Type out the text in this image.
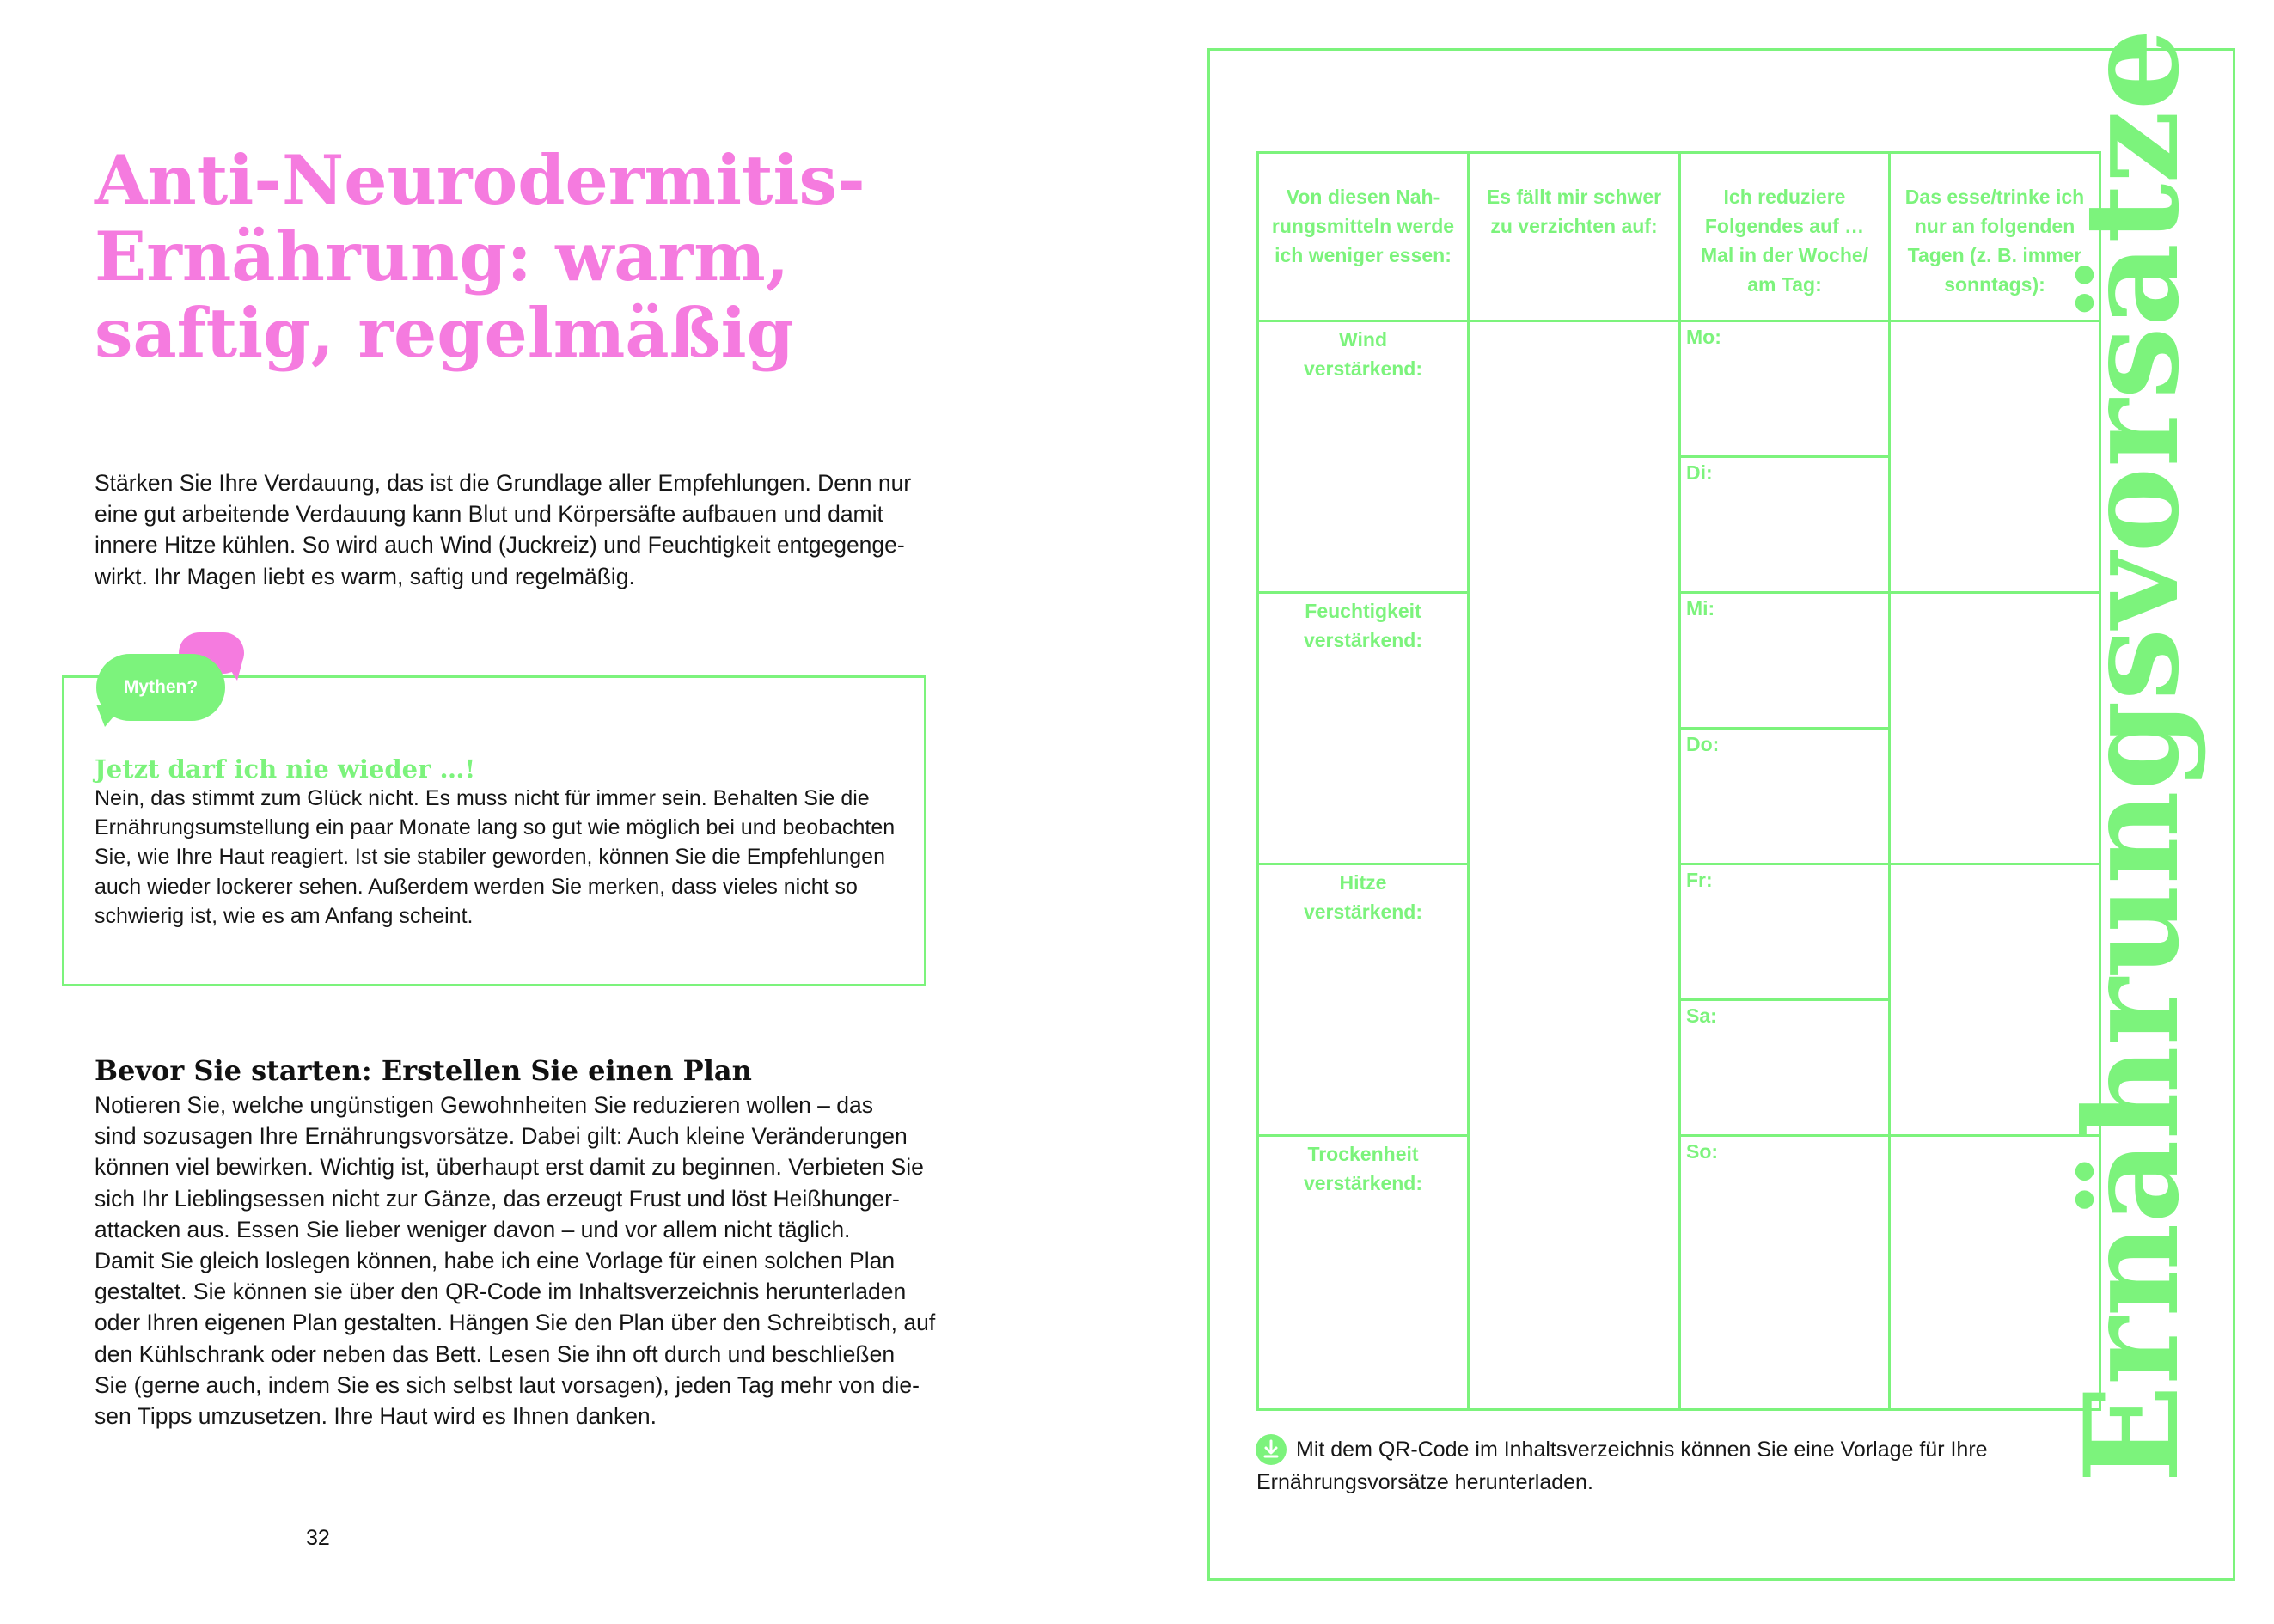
Anti-Neurodermitis-
Ernährung: warm,
saftig, regelmäßig

Stärken Sie Ihre Verdauung, das ist die Grundlage aller Empfehlungen. Denn nur
eine gut arbeitende Verdauung kann Blut und Körpersäfte aufbauen und damit
innere Hitze kühlen. So wird auch Wind (Juckreiz) und Feuchtigkeit entgegenge-
wirkt. Ihr Magen liebt es warm, saftig und regelmäßig.

Mythen?
Jetzt darf ich nie wieder …!

Nein, das stimmt zum Glück nicht. Es muss nicht für immer sein. Behalten Sie die
Ernährungsumstellung ein paar Monate lang so gut wie möglich bei und beobachten
Sie, wie Ihre Haut reagiert. Ist sie stabiler geworden, können Sie die Empfehlungen
auch wieder lockerer sehen. Außerdem werden Sie merken, dass vieles nicht so
schwierig ist, wie es am Anfang scheint.

Bevor Sie starten: Erstellen Sie einen Plan

Notieren Sie, welche ungünstigen Gewohnheiten Sie reduzieren wollen – das
sind sozusagen Ihre Ernährungsvorsätze. Dabei gilt: Auch kleine Veränderungen
können viel bewirken. Wichtig ist, überhaupt erst damit zu beginnen. Verbieten Sie
sich Ihr Lieblingsessen nicht zur Gänze, das erzeugt Frust und löst Heißhunger-
attacken aus. Essen Sie lieber weniger davon – und vor allem nicht täglich.
Damit Sie gleich loslegen können, habe ich eine Vorlage für einen solchen Plan
gestaltet. Sie können sie über den QR-Code im Inhaltsverzeichnis herunterladen
oder Ihren eigenen Plan gestalten. Hängen Sie den Plan über den Schreibtisch, auf
den Kühlschrank oder neben das Bett. Lesen Sie ihn oft durch und beschließen
Sie (gerne auch, indem Sie es sich selbst laut vorsagen), jeden Tag mehr von die-
sen Tipps umzusetzen. Ihre Haut wird es Ihnen danken.

32
Von diesen Nah-
rungsmitteln werde
ich weniger essen:
Es fällt mir schwer
zu verzichten auf:
Ich reduziere
Folgendes auf …
Mal in der Woche/
am Tag:
Das esse/trinke ich
nur an folgenden
Tagen (z. B. immer
sonntags):
Wind
verstärkend:
Feuchtigkeit
verstärkend:
Hitze
verstärkend:
Trockenheit
verstärkend:
Mo:
Di:
Mi:
Do:
Fr:
Sa:
So:	Ernährungsvorsätze

Mit dem QR-Code im Inhaltsverzeichnis können Sie eine Vorlage für Ihre
Ernährungsvorsätze herunterladen.
